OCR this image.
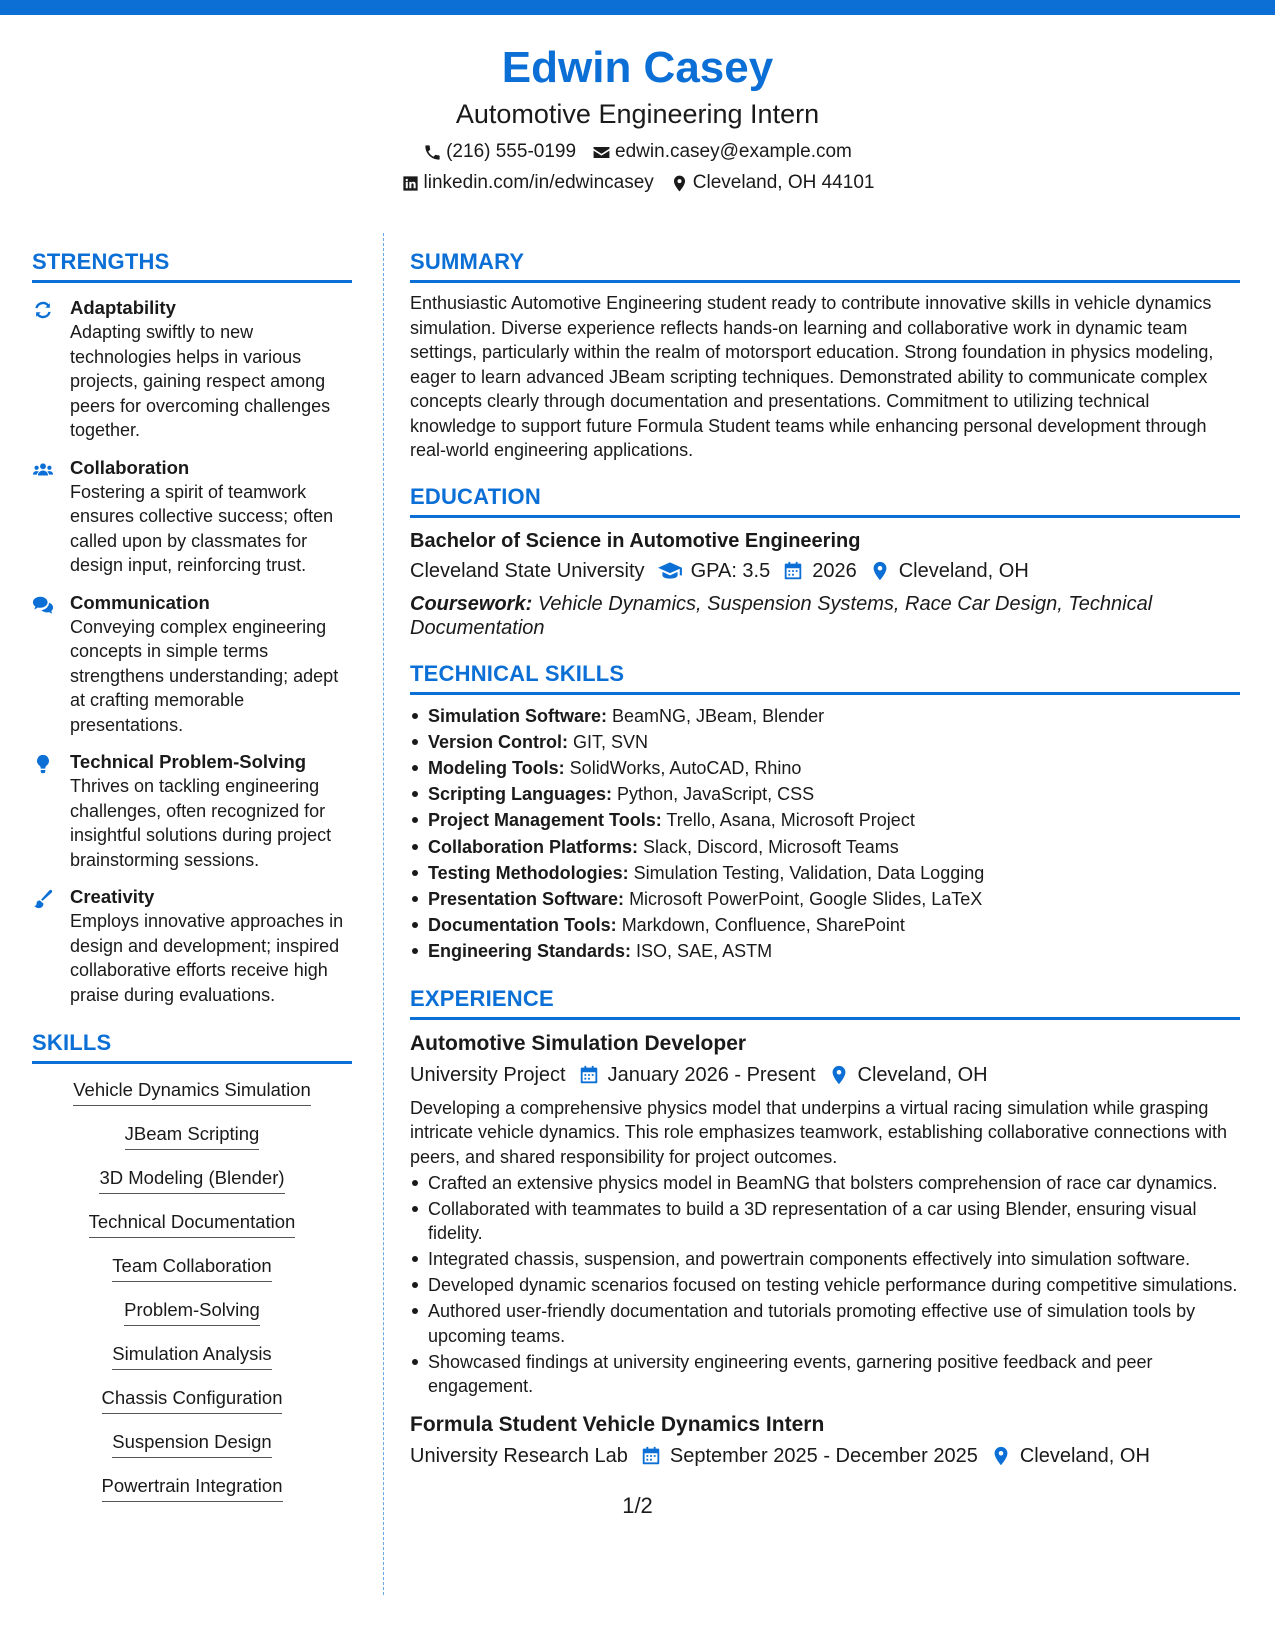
Edwin Casey
Automotive Engineering Intern
(216) 555-0199 edwin.casey@example.com
linkedin.com/in/edwincasey Cleveland, OH 44101
STRENGTHS
Adaptability
Adapting swiftly to new technologies helps in various projects, gaining respect among peers for overcoming challenges together.
Collaboration
Fostering a spirit of teamwork ensures collective success; often called upon by classmates for design input, reinforcing trust.
Communication
Conveying complex engineering concepts in simple terms strengthens understanding; adept at crafting memorable presentations.
Technical Problem-Solving
Thrives on tackling engineering challenges, often recognized for insightful solutions during project brainstorming sessions.
Creativity
Employs innovative approaches in design and development; inspired collaborative efforts receive high praise during evaluations.
SKILLS
Vehicle Dynamics Simulation
JBeam Scripting
3D Modeling (Blender)
Technical Documentation
Team Collaboration
Problem-Solving
Simulation Analysis
Chassis Configuration
Suspension Design
Powertrain Integration
SUMMARY
Enthusiastic Automotive Engineering student ready to contribute innovative skills in vehicle dynamics simulation. Diverse experience reflects hands-on learning and collaborative work in dynamic team settings, particularly within the realm of motorsport education. Strong foundation in physics modeling, eager to learn advanced JBeam scripting techniques. Demonstrated ability to communicate complex concepts clearly through documentation and presentations. Commitment to utilizing technical knowledge to support future Formula Student teams while enhancing personal development through real-world engineering applications.
EDUCATION
Bachelor of Science in Automotive Engineering
Cleveland State University GPA: 3.5 2026 Cleveland, OH
Coursework: Vehicle Dynamics, Suspension Systems, Race Car Design, Technical Documentation
TECHNICAL SKILLS
Simulation Software: BeamNG, JBeam, Blender
Version Control: GIT, SVN
Modeling Tools: SolidWorks, AutoCAD, Rhino
Scripting Languages: Python, JavaScript, CSS
Project Management Tools: Trello, Asana, Microsoft Project
Collaboration Platforms: Slack, Discord, Microsoft Teams
Testing Methodologies: Simulation Testing, Validation, Data Logging
Presentation Software: Microsoft PowerPoint, Google Slides, LaTeX
Documentation Tools: Markdown, Confluence, SharePoint
Engineering Standards: ISO, SAE, ASTM
EXPERIENCE
Automotive Simulation Developer
University Project January 2026 - Present Cleveland, OH
Developing a comprehensive physics model that underpins a virtual racing simulation while grasping intricate vehicle dynamics. This role emphasizes teamwork, establishing collaborative connections with peers, and shared responsibility for project outcomes.
Crafted an extensive physics model in BeamNG that bolsters comprehension of race car dynamics.
Collaborated with teammates to build a 3D representation of a car using Blender, ensuring visual fidelity.
Integrated chassis, suspension, and powertrain components effectively into simulation software.
Developed dynamic scenarios focused on testing vehicle performance during competitive simulations.
Authored user-friendly documentation and tutorials promoting effective use of simulation tools by upcoming teams.
Showcased findings at university engineering events, garnering positive feedback and peer engagement.
Formula Student Vehicle Dynamics Intern
University Research Lab September 2025 - December 2025 Cleveland, OH
1/2
